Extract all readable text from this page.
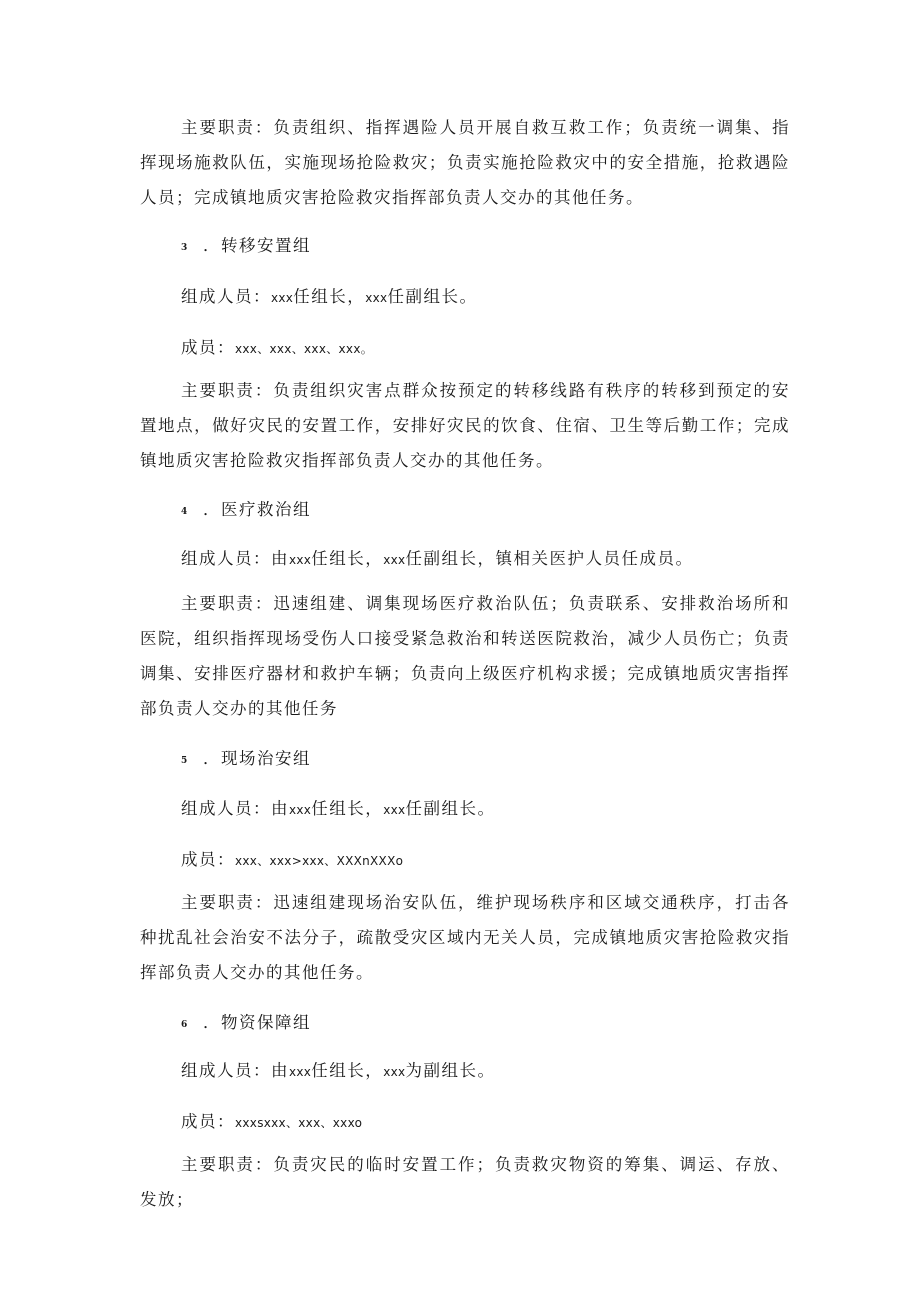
主要职责：负责组织、指挥遇险人员开展自救互救工作；负责统一调集、指挥现场施救队伍，实施现场抢险救灾；负责实施抢险救灾中的安全措施，抢救遇险人员；完成镇地质灾害抢险救灾指挥部负责人交办的其他任务。

3 ．转移安置组
组成人员：xxx任组长，xxx任副组长。
成员：xxx、xxx、xxx、xxx。

主要职责：负责组织灾害点群众按预定的转移线路有秩序的转移到预定的安置地点，做好灾民的安置工作，安排好灾民的饮食、住宿、卫生等后勤工作；完成镇地质灾害抢险救灾指挥部负责人交办的其他任务。

4 ．医疗救治组
组成人员：由xxx任组长，xxx任副组长，镇相关医护人员任成员。

主要职责：迅速组建、调集现场医疗救治队伍；负责联系、安排救治场所和医院，组织指挥现场受伤人口接受紧急救治和转送医院救治，减少人员伤亡；负责调集、安排医疗器材和救护车辆；负责向上级医疗机构求援；完成镇地质灾害指挥部负责人交办的其他任务

5 ．现场治安组
组成人员：由xxx任组长，xxx任副组长。
成员：xxx、xxx>xxx、XXXnXXXo

主要职责：迅速组建现场治安队伍，维护现场秩序和区域交通秩序，打击各种扰乱社会治安不法分子，疏散受灾区域内无关人员，完成镇地质灾害抢险救灾指挥部负责人交办的其他任务。

6 ．物资保障组
组成人员：由xxx任组长，xxx为副组长。
成员：xxxsxxx、xxx、xxxo

主要职责：负责灾民的临时安置工作；负责救灾物资的筹集、调运、存放、发放；
